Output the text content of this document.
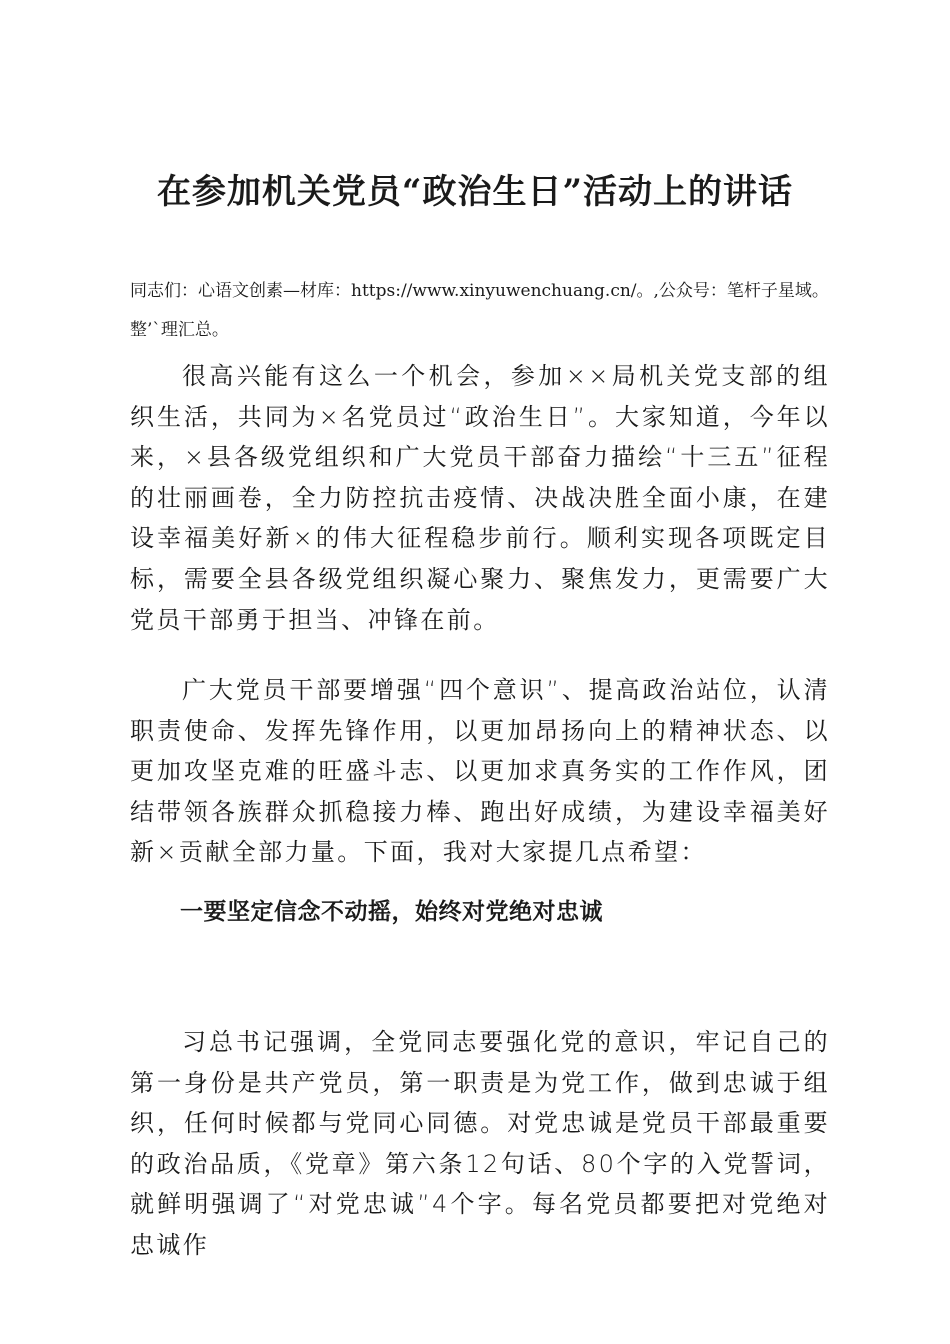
在参加机关党员“政治生日”活动上的讲话
同志们：心语文创素—材库：https://www.xinyuwenchuang.cn/。,公众号：笔杆子星域。整’`理汇总。
很高兴能有这么一个机会，参加××局机关党支部的组织生活，共同为×名党员过“政治生日”。大家知道，今年以来，×县各级党组织和广大党员干部奋力描绘“十三五”征程的壮丽画卷，全力防控抗击疫情、决战决胜全面小康，在建设幸福美好新×的伟大征程稳步前行。顺利实现各项既定目标，需要全县各级党组织凝心聚力、聚焦发力，更需要广大党员干部勇于担当、冲锋在前。
广大党员干部要增强“四个意识”、提高政治站位，认清职责使命、发挥先锋作用，以更加昂扬向上的精神状态、以更加攻坚克难的旺盛斗志、以更加求真务实的工作作风，团结带领各族群众抓稳接力棒、跑出好成绩，为建设幸福美好新×贡献全部力量。下面，我对大家提几点希望：
一要坚定信念不动摇，始终对党绝对忠诚
习总书记强调，全党同志要强化党的意识，牢记自己的第一身份是共产党员，第一职责是为党工作，做到忠诚于组织，任何时候都与党同心同德。对党忠诚是党员干部最重要的政治品质，《党章》第六条12句话、80个字的入党誓词，就鲜明强调了“对党忠诚”4个字。每名党员都要把对党绝对忠诚作
